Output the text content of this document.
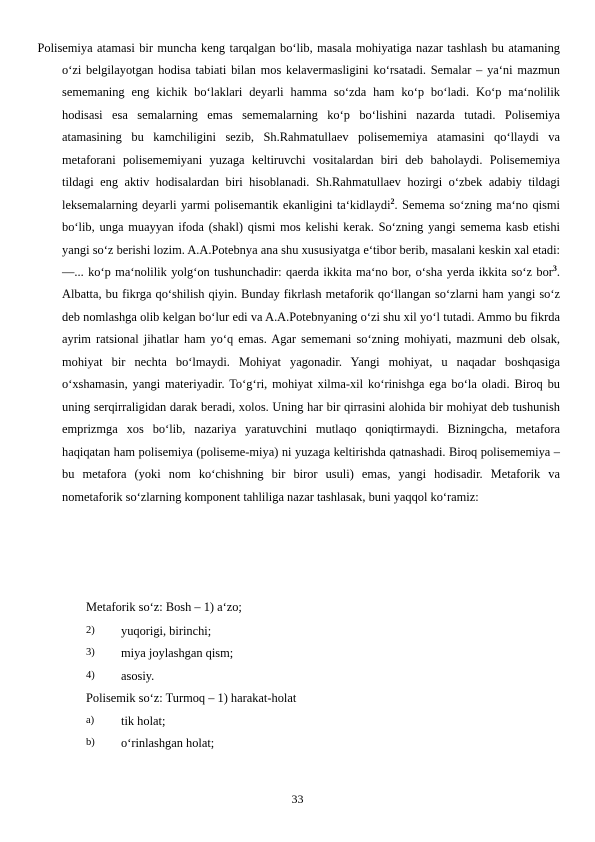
Polisemiya atamasi bir muncha keng tarqalgan bo‘lib, masala mohiyatiga nazar tashlash bu atamaning o‘zi belgilayotgan hodisa tabiati bilan mos kelavermasligini ko‘rsatadi. Semalar – ya‘ni mazmun sememaning eng kichik bo‘laklari deyarli hamma so‘zda ham ko‘p bo‘ladi. Ko‘p ma‘nolilik hodisasi esa semalarning emas sememalarning ko‘p bo‘lishini nazarda tutadi. Polisemiya atamasining bu kamchiligini sezib, Sh.Rahmatullaev polisememiya atamasini qo‘llaydi va metaforani polisememiyani yuzaga keltiruvchi vositalardan biri deb baholaydi. Polisememiya tildagi eng aktiv hodisalardan biri hisoblanadi. Sh.Rahmatullaev hozirgi o‘zbek adabiy tildagi leksemalarning deyarli yarmi polisemantik ekanligini ta‘kidlaydi$^2$. Semema so‘zning ma‘no qismi bo‘lib, unga muayyan ifoda (shakl) qismi mos kelishi kerak. So‘zning yangi semema kasb etishi yangi so‘z berishi lozim. A.A.Potebnya ana shu xususiyatga e‘tibor berib, masalani keskin xal etadi: ―... ko‘p ma‘nolilik yolg‘on tushunchadir: qaerda ikkita ma‘no bor, o‘sha yerda ikkita so‘z bor$^3$. Albatta, bu fikrga qo‘shilish qiyin. Bunday fikrlash metaforik qo‘llangan so‘zlarni ham yangi so‘z deb nomlashga olib kelgan bo‘lur edi va A.A.Potebnyaning o‘zi shu xil yo‘l tutadi. Ammo bu fikrda ayrim ratsional jihatlar ham yo‘q emas. Agar sememani so‘zning mohiyati, mazmuni deb olsak, mohiyat bir nechta bo‘lmaydi. Mohiyat yagonadir. Yangi mohiyat, u naqadar boshqasiga o‘xshamasin, yangi materiyadir. To‘g‘ri, mohiyat xilma-xil ko‘rinishga ega bo‘la oladi. Biroq bu uning serqirraligidan darak beradi, xolos. Uning har bir qirrasini alohida bir mohiyat deb tushunish emprizmga xos bo‘lib, nazariya yaratuvchini mutlaqo qoniqtirmaydi. Bizningcha, metafora haqiqatan ham polisemiya (poliseme-miya) ni yuzaga keltirishda qatnashadi. Biroq polisememiya – bu metafora (yoki nom ko‘chishning bir biror usuli) emas, yangi hodisadir. Metaforik va nometaforik so‘zlarning komponent tahliliga nazar tashlasak, buni yaqqol ko‘ramiz:

Metaforik so‘z: Bosh – 1) a‘zo;
2) yuqorigi, birinchi;
3) miya joylashgan qism;
4) asosiy.
Polisemik so‘z: Turmoq – 1) harakat-holat
a) tik holat;
b) o‘rinlashgan holat;
33
